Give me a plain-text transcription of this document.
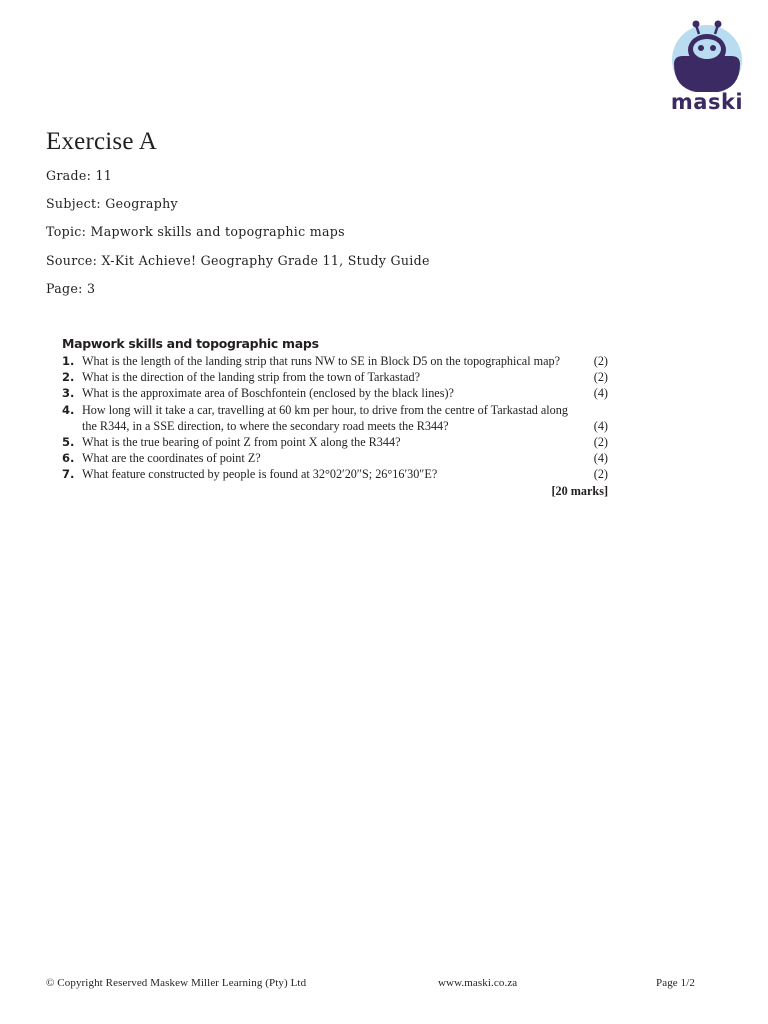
maski
Exercise A

Grade: 11

Subject: Geography

Topic: Mapwork skills and topographic maps

Source: X-Kit Achieve! Geography Grade 11, Study Guide

Page: 3

Mapwork skills and topographic maps
1. What is the length of the landing strip that runs NW to SE in Block D5 on the topographical map?	(2)
2. What is the direction of the landing strip from the town of Tarkastad?	(2)
3. What is the approximate area of Boschfontein (enclosed by the black lines)?	(4)
4. How long will it take a car, travelling at 60 km per hour, to drive from the centre of Tarkastad along the R344, in a SSE direction, to where the secondary road meets the R344?	(4)
5. What is the true bearing of point Z from point X along the R344?	(2)
6. What are the coordinates of point Z?	(4)
7. What feature constructed by people is found at 32°02′20″S; 26°16′30″E?	(2)
[20 marks]
© Copyright Reserved Maskew Miller Learning (Pty) Ltd	www.maski.co.za	Page 1/2
